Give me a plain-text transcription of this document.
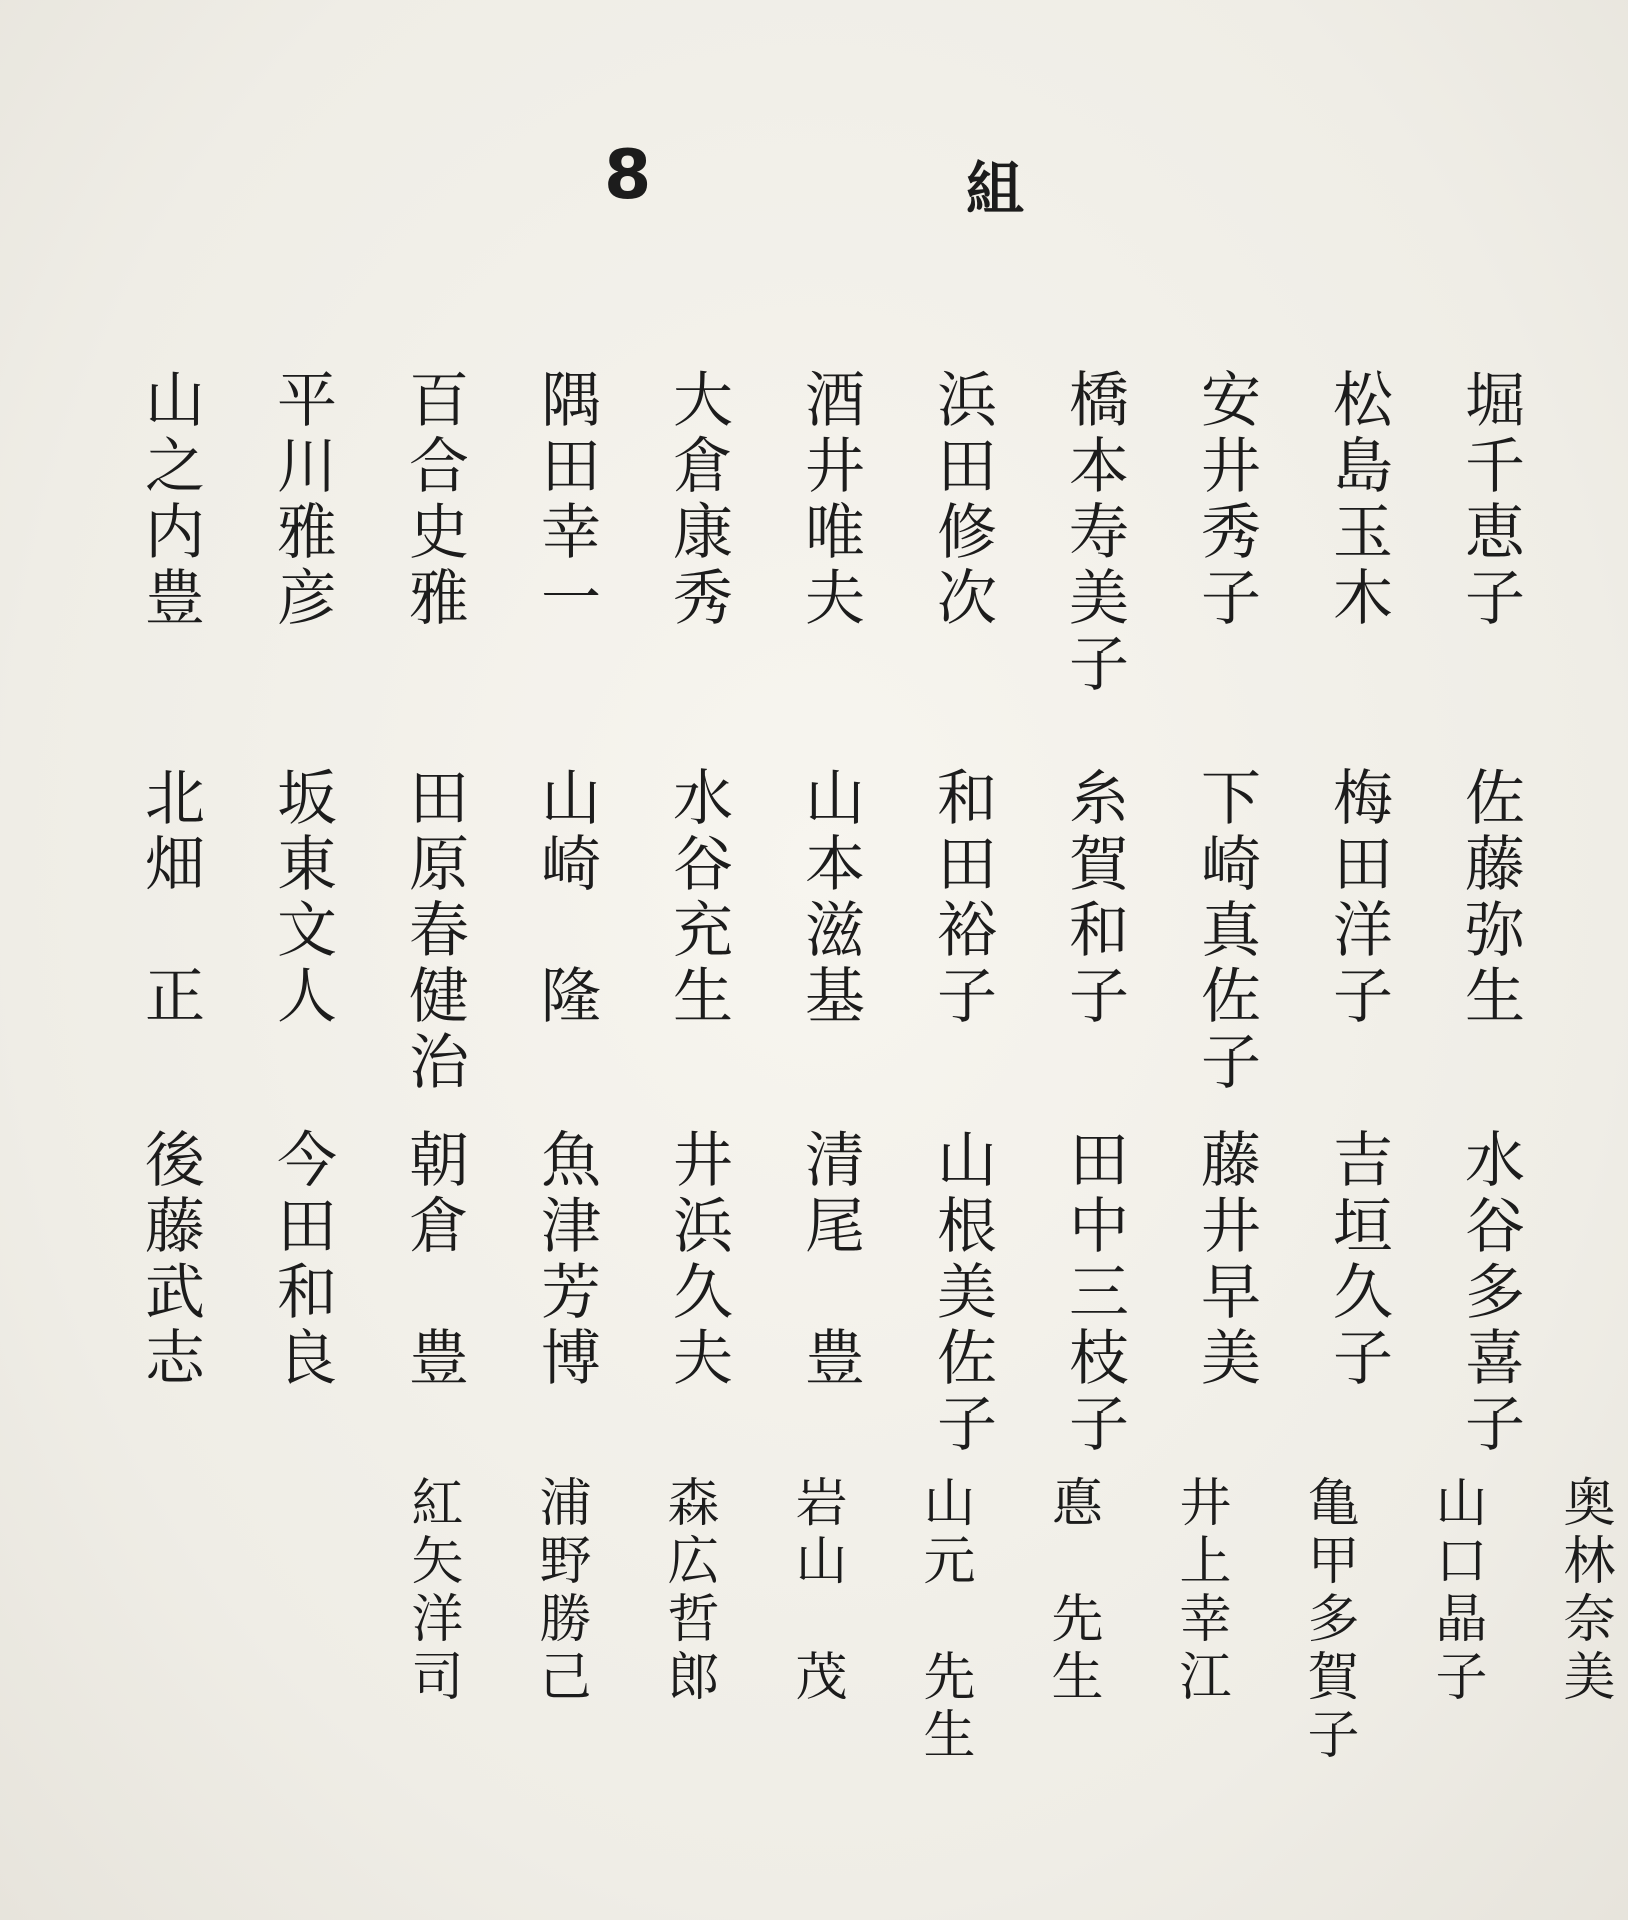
8	組
堀千恵子
松島玉木
安井秀子
橋本寿美子
浜田修次
酒井唯夫
大倉康秀
隅田幸一
百合史雅
平川雅彦
山之内豊
佐藤弥生
梅田洋子
下崎真佐子
糸賀和子
和田裕子
山本滋基
水谷充生
山崎　隆
田原春健治
坂東文人
北畑　正
水谷多喜子
吉垣久子
藤井早美
田中三枝子
山根美佐子
清尾　豊
井浜久夫
魚津芳博
朝倉　豊
今田和良
後藤武志
奥林奈美
山口晶子
亀甲多賀子
井上幸江
悳　先生
山元　先生
岩山　茂
森広哲郎
浦野勝己
紅矢洋司
